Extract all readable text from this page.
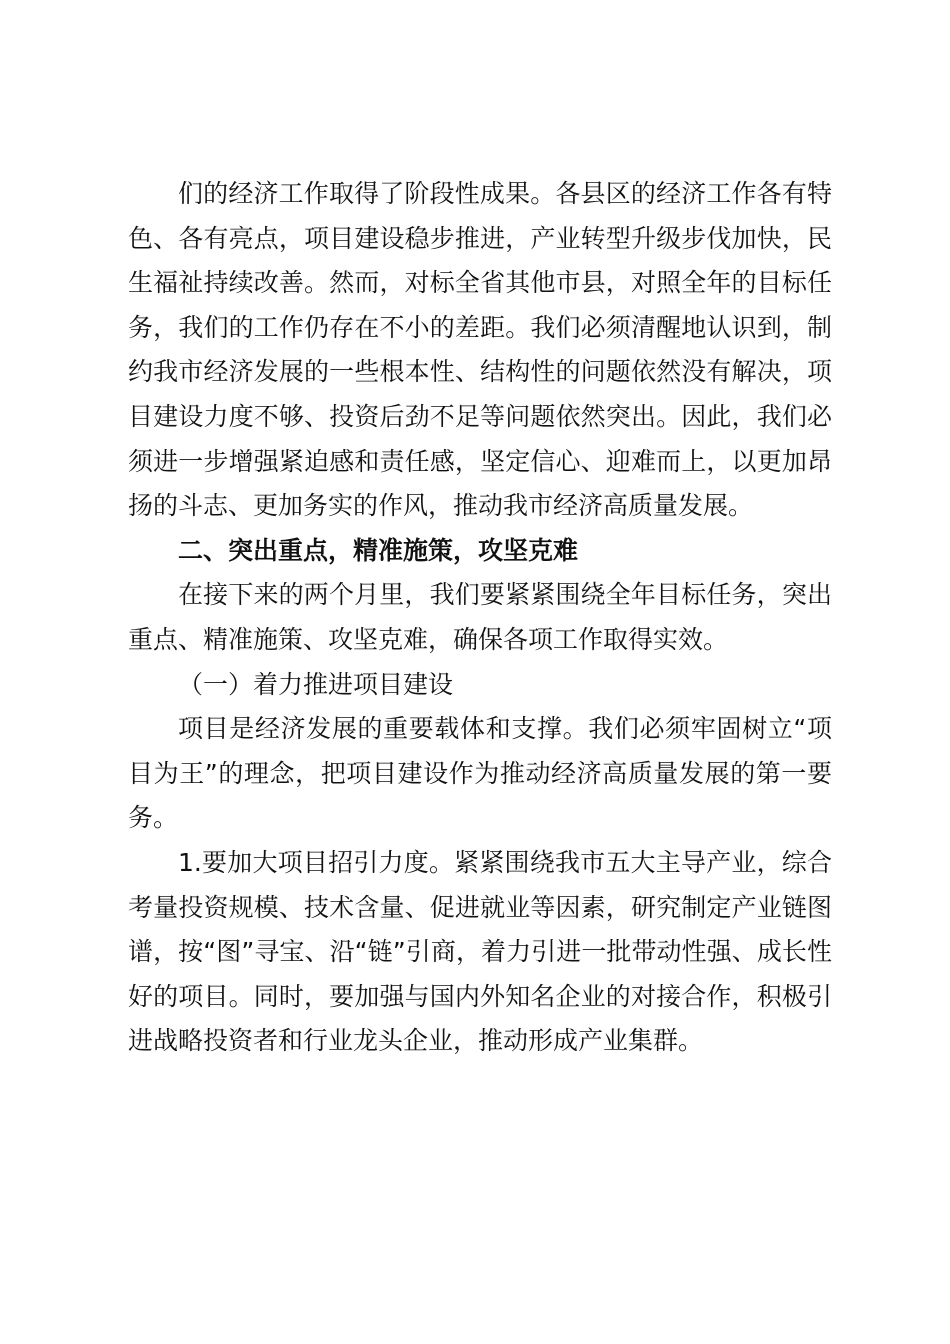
们的经济工作取得了阶段性成果。各县区的经济工作各有特色、各有亮点，项目建设稳步推进，产业转型升级步伐加快，民生福祉持续改善。然而，对标全省其他市县，对照全年的目标任务，我们的工作仍存在不小的差距。我们必须清醒地认识到，制约我市经济发展的一些根本性、结构性的问题依然没有解决，项目建设力度不够、投资后劲不足等问题依然突出。因此，我们必须进一步增强紧迫感和责任感，坚定信心、迎难而上，以更加昂扬的斗志、更加务实的作风，推动我市经济高质量发展。

二、突出重点，精准施策，攻坚克难

在接下来的两个月里，我们要紧紧围绕全年目标任务，突出重点、精准施策、攻坚克难，确保各项工作取得实效。

（一）着力推进项目建设

项目是经济发展的重要载体和支撑。我们必须牢固树立“项目为王”的理念，把项目建设作为推动经济高质量发展的第一要务。

1.要加大项目招引力度。紧紧围绕我市五大主导产业，综合考量投资规模、技术含量、促进就业等因素，研究制定产业链图谱，按“图”寻宝、沿“链”引商，着力引进一批带动性强、成长性好的项目。同时，要加强与国内外知名企业的对接合作，积极引进战略投资者和行业龙头企业，推动形成产业集群。
